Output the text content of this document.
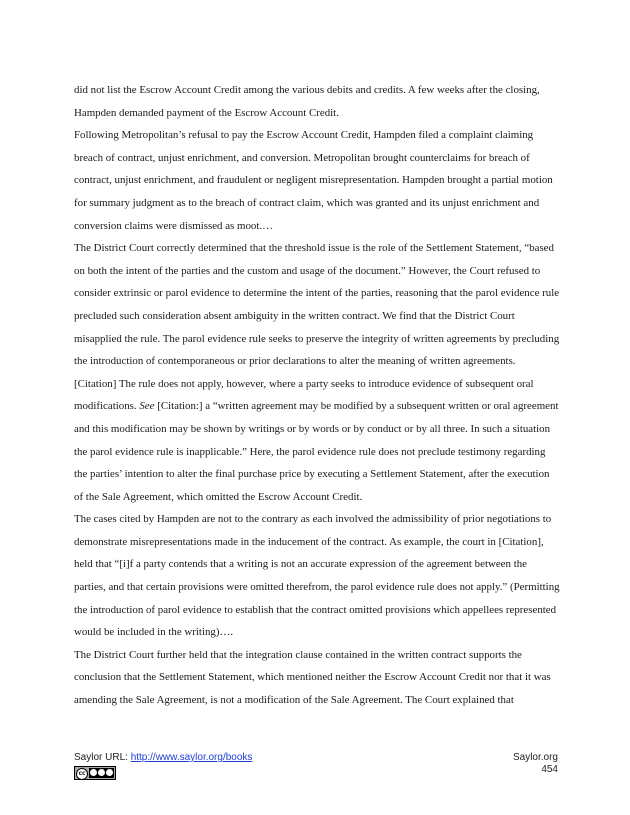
did not list the Escrow Account Credit among the various debits and credits. A few weeks after the closing, Hampden demanded payment of the Escrow Account Credit.

Following Metropolitan’s refusal to pay the Escrow Account Credit, Hampden filed a complaint claiming breach of contract, unjust enrichment, and conversion. Metropolitan brought counterclaims for breach of contract, unjust enrichment, and fraudulent or negligent misrepresentation. Hampden brought a partial motion for summary judgment as to the breach of contract claim, which was granted and its unjust enrichment and conversion claims were dismissed as moot.…

The District Court correctly determined that the threshold issue is the role of the Settlement Statement, “based on both the intent of the parties and the custom and usage of the document.” However, the Court refused to consider extrinsic or parol evidence to determine the intent of the parties, reasoning that the parol evidence rule precluded such consideration absent ambiguity in the written contract. We find that the District Court misapplied the rule. The parol evidence rule seeks to preserve the integrity of written agreements by precluding the introduction of contemporaneous or prior declarations to alter the meaning of written agreements. [Citation] The rule does not apply, however, where a party seeks to introduce evidence of subsequent oral modifications. See [Citation:] a “written agreement may be modified by a subsequent written or oral agreement and this modification may be shown by writings or by words or by conduct or by all three. In such a situation the parol evidence rule is inapplicable.” Here, the parol evidence rule does not preclude testimony regarding the parties’ intention to alter the final purchase price by executing a Settlement Statement, after the execution of the Sale Agreement, which omitted the Escrow Account Credit.

The cases cited by Hampden are not to the contrary as each involved the admissibility of prior negotiations to demonstrate misrepresentations made in the inducement of the contract. As example, the court in [Citation], held that “[i]f a party contends that a writing is not an accurate expression of the agreement between the parties, and that certain provisions were omitted therefrom, the parol evidence rule does not apply.” (Permitting the introduction of parol evidence to establish that the contract omitted provisions which appellees represented would be included in the writing)….

The District Court further held that the integration clause contained in the written contract supports the conclusion that the Settlement Statement, which mentioned neither the Escrow Account Credit nor that it was amending the Sale Agreement, is not a modification of the Sale Agreement. The Court explained that

Saylor URL: http://www.saylor.org/books	Saylor.org
454
cc
